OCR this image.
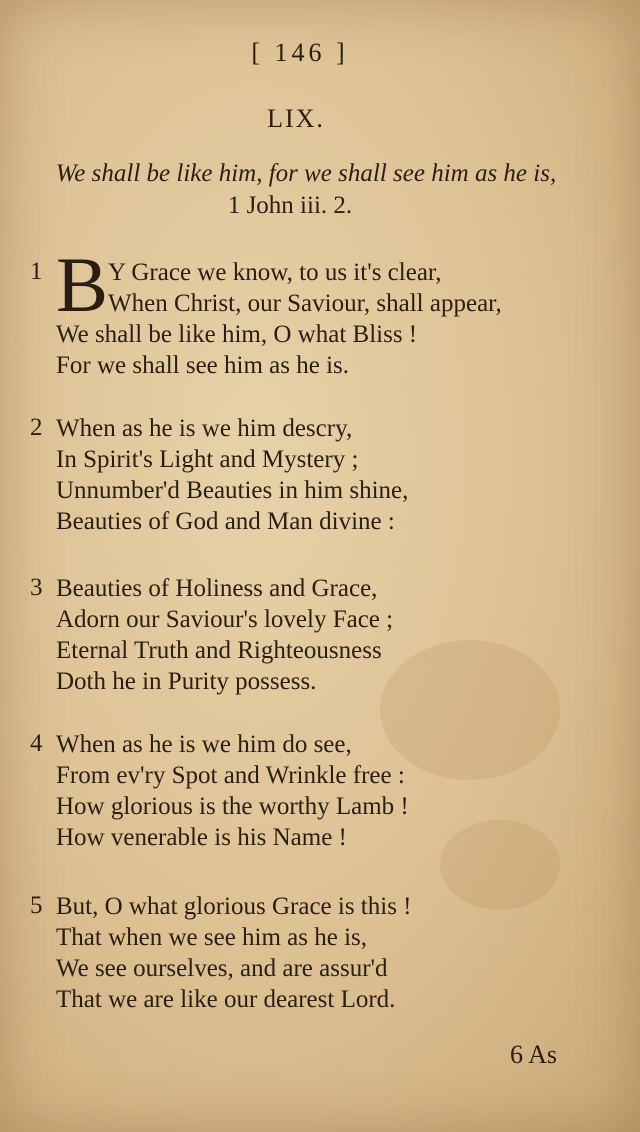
[ 146 ]
LIX.
We shall be like him, for we shall see him as he is,
1 John iii. 2.
1 B Y Grace we know, to us it's clear,
When Christ, our Saviour, shall appear,
We shall be like him, O what Bliss !
For we shall see him as he is.
2 When as he is we him descry,
In Spirit's Light and Mystery ;
Unnumber'd Beauties in him shine,
Beauties of God and Man divine :
3 Beauties of Holiness and Grace,
Adorn our Saviour's lovely Face ;
Eternal Truth and Righteousness
Doth he in Purity possess.
4 When as he is we him do see,
From ev'ry Spot and Wrinkle free :
How glorious is the worthy Lamb !
How venerable is his Name !
5 But, O what glorious Grace is this !
That when we see him as he is,
We see ourselves, and are assur'd
That we are like our dearest Lord.
6 As
